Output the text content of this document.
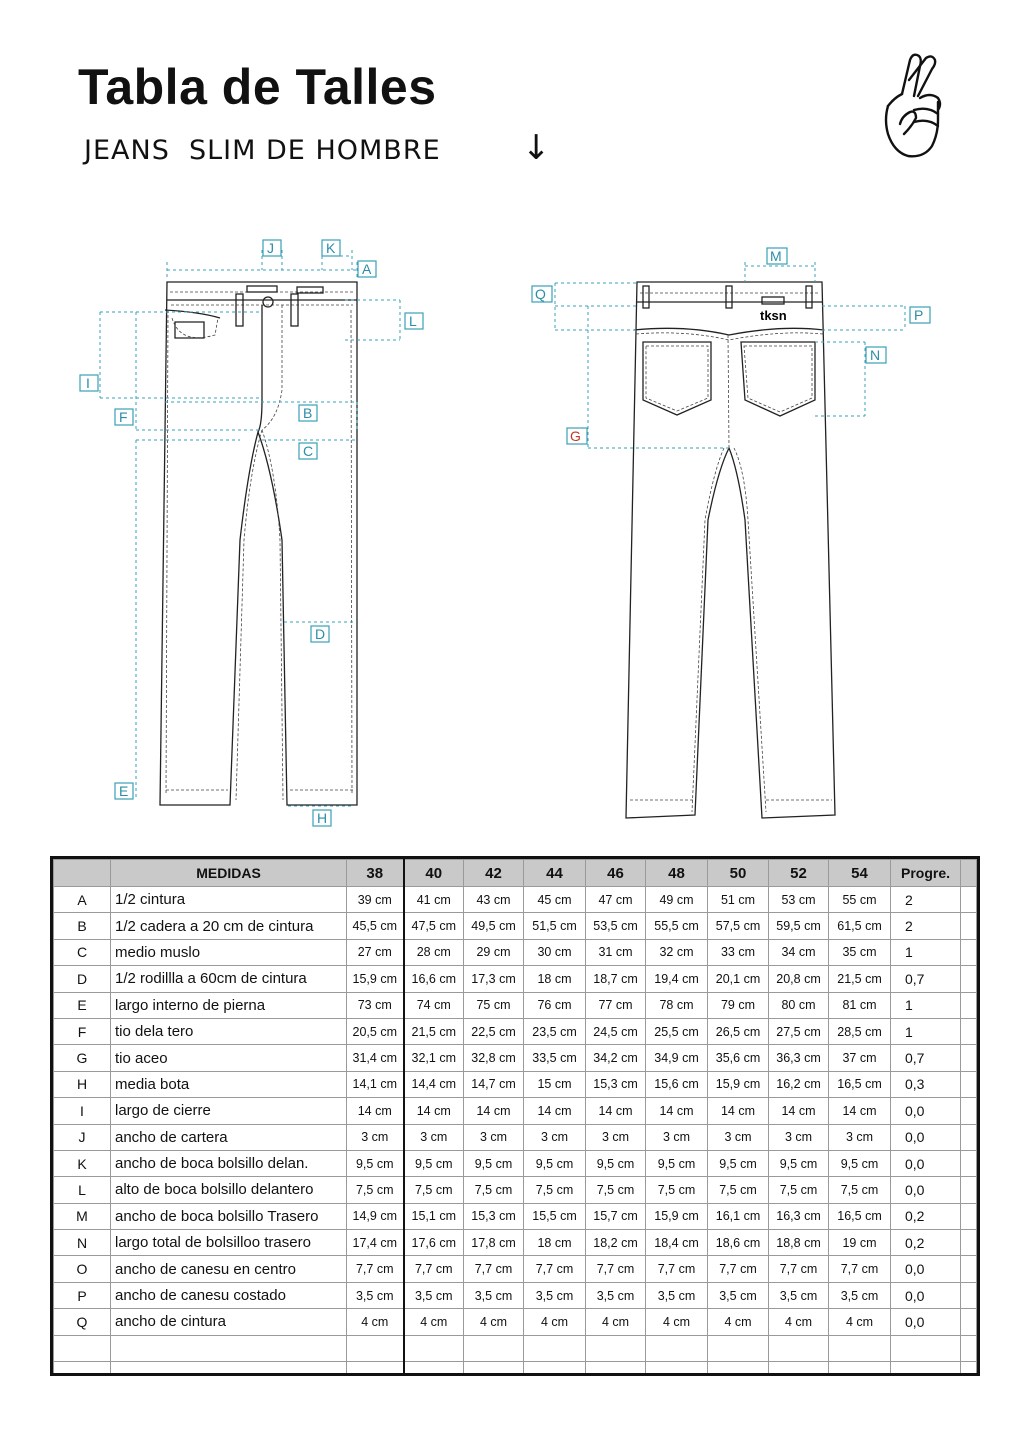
Tabla de Talles
JEANS  SLIM DE HOMBRE ↓
J	K
A
L
I
F	B
C
D
E
H
tksn
M
Q
P
N
G
	MEDIDAS	38	40	42	44	46	48	50	52	54	Progre.	
A	1/2 cintura	39 cm	41 cm	43 cm	45 cm	47 cm	49 cm	51 cm	53 cm	55 cm	2	
B	1/2 cadera a 20 cm de cintura	45,5 cm	47,5 cm	49,5 cm	51,5 cm	53,5 cm	55,5 cm	57,5 cm	59,5 cm	61,5 cm	2	
C	medio muslo	27 cm	28 cm	29 cm	30 cm	31 cm	32 cm	33 cm	34 cm	35 cm	1	
D	1/2 rodillla a 60cm de cintura	15,9 cm	16,6 cm	17,3 cm	18 cm	18,7 cm	19,4 cm	20,1 cm	20,8 cm	21,5 cm	0,7	
E	largo interno de pierna	73 cm	74 cm	75 cm	76 cm	77 cm	78 cm	79 cm	80 cm	81 cm	1	
F	tio dela tero	20,5 cm	21,5 cm	22,5 cm	23,5 cm	24,5 cm	25,5 cm	26,5 cm	27,5 cm	28,5 cm	1	
G	tio aceo	31,4 cm	32,1 cm	32,8 cm	33,5 cm	34,2 cm	34,9 cm	35,6 cm	36,3 cm	37 cm	0,7	
H	media bota	14,1 cm	14,4 cm	14,7 cm	15 cm	15,3 cm	15,6 cm	15,9 cm	16,2 cm	16,5 cm	0,3	
I	largo de cierre	14 cm	14 cm	14 cm	14 cm	14 cm	14 cm	14 cm	14 cm	14 cm	0,0	
J	ancho de cartera	3 cm	3 cm	3 cm	3 cm	3 cm	3 cm	3 cm	3 cm	3 cm	0,0	
K	ancho de boca bolsillo delan.	9,5 cm	9,5 cm	9,5 cm	9,5 cm	9,5 cm	9,5 cm	9,5 cm	9,5 cm	9,5 cm	0,0	
L	alto de boca bolsillo delantero	7,5 cm	7,5 cm	7,5 cm	7,5 cm	7,5 cm	7,5 cm	7,5 cm	7,5 cm	7,5 cm	0,0	
M	ancho de boca bolsillo Trasero	14,9 cm	15,1 cm	15,3 cm	15,5 cm	15,7 cm	15,9 cm	16,1 cm	16,3 cm	16,5 cm	0,2	
N	largo total de bolsilloo trasero	17,4 cm	17,6 cm	17,8 cm	18 cm	18,2 cm	18,4 cm	18,6 cm	18,8 cm	19 cm	0,2	
O	ancho de canesu en centro	7,7 cm	7,7 cm	7,7 cm	7,7 cm	7,7 cm	7,7 cm	7,7 cm	7,7 cm	7,7 cm	0,0	
P	ancho de canesu costado	3,5 cm	3,5 cm	3,5 cm	3,5 cm	3,5 cm	3,5 cm	3,5 cm	3,5 cm	3,5 cm	0,0	
Q	ancho de cintura	4 cm	4 cm	4 cm	4 cm	4 cm	4 cm	4 cm	4 cm	4 cm	0,0	
